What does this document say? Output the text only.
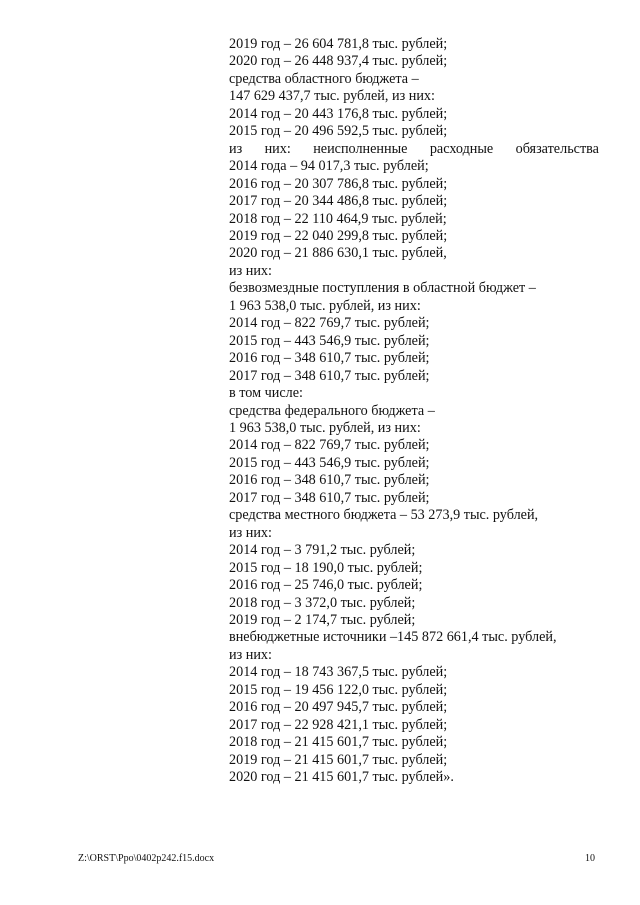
2019 год – 26 604 781,8 тыс. рублей;
2020 год – 26 448 937,4 тыс. рублей;
средства областного бюджета –
147 629 437,7 тыс. рублей, из них:
2014 год – 20 443 176,8 тыс. рублей;
2015 год – 20 496 592,5 тыс. рублей;
из них: неисполненные расходные обязательства
2014 года – 94 017,3 тыс. рублей;
2016 год – 20 307 786,8 тыс. рублей;
2017 год – 20 344 486,8 тыс. рублей;
2018 год – 22 110 464,9 тыс. рублей;
2019 год – 22 040 299,8 тыс. рублей;
2020 год – 21 886 630,1 тыс. рублей,
из них:
безвозмездные поступления в областной бюджет –
1 963 538,0 тыс. рублей, из них:
2014 год – 822 769,7 тыс. рублей;
2015 год – 443 546,9 тыс. рублей;
2016 год – 348 610,7 тыс. рублей;
2017 год – 348 610,7 тыс. рублей;
в том числе:
средства федерального бюджета –
1 963 538,0 тыс. рублей, из них:
2014 год – 822 769,7 тыс. рублей;
2015 год – 443 546,9 тыс. рублей;
2016 год – 348 610,7 тыс. рублей;
2017 год – 348 610,7 тыс. рублей;
средства местного бюджета – 53 273,9 тыс. рублей,
из них:
2014 год – 3 791,2 тыс. рублей;
2015 год – 18 190,0 тыс. рублей;
2016 год – 25 746,0 тыс. рублей;
2018 год – 3 372,0 тыс. рублей;
2019 год – 2 174,7 тыс. рублей;
внебюджетные источники –145 872 661,4 тыс. рублей,
из них:
2014 год – 18 743 367,5 тыс. рублей;
2015 год – 19 456 122,0 тыс. рублей;
2016 год – 20 497 945,7 тыс. рублей;
2017 год – 22 928 421,1 тыс. рублей;
2018 год – 21 415 601,7 тыс. рублей;
2019 год – 21 415 601,7 тыс. рублей;
2020 год – 21 415 601,7 тыс. рублей».
Z:\ORST\Ppo\0402p242.f15.docx	10
